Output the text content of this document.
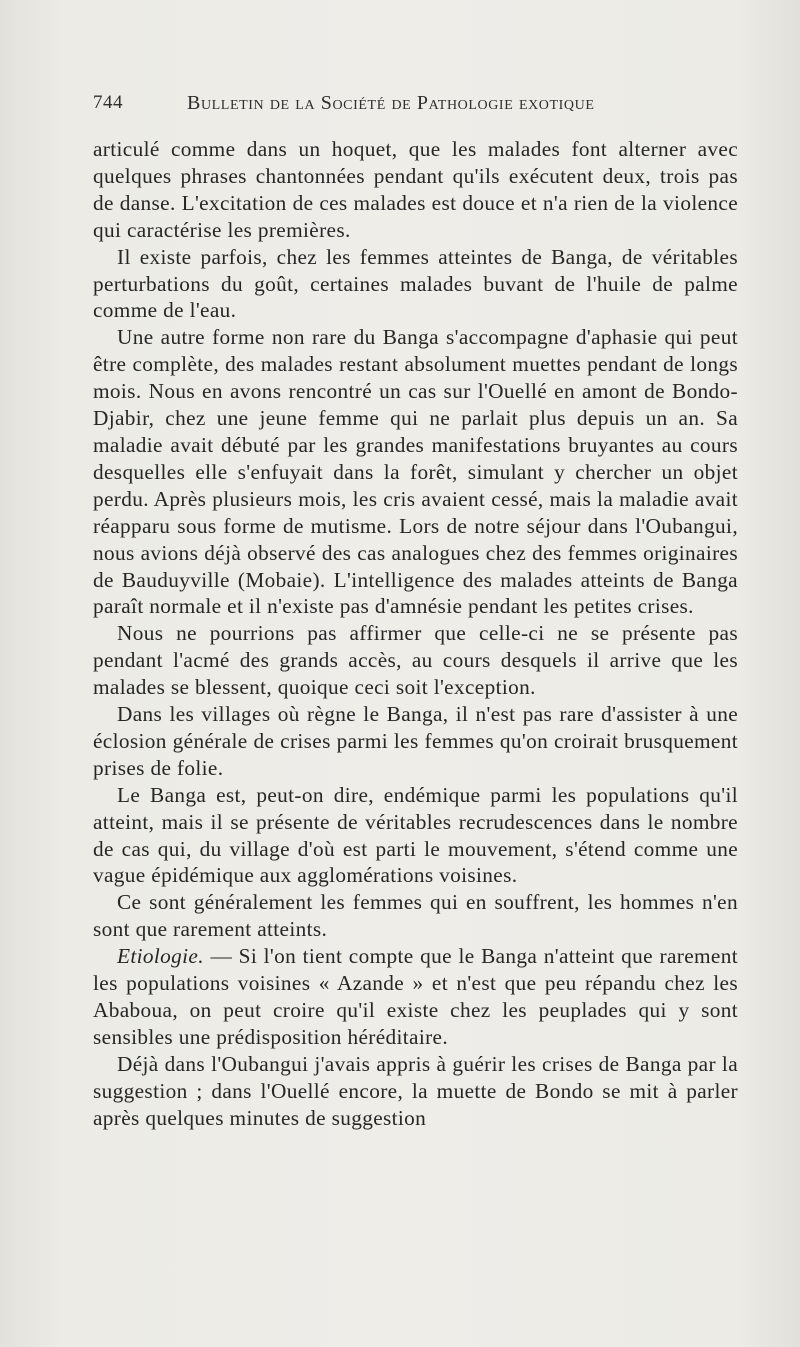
744	Bulletin de la Société de Pathologie exotique

articulé comme dans un hoquet, que les malades font alterner avec quelques phrases chantonnées pendant qu'ils exécutent deux, trois pas de danse. L'excitation de ces malades est douce et n'a rien de la violence qui caractérise les premières.

Il existe parfois, chez les femmes atteintes de Banga, de véritables perturbations du goût, certaines malades buvant de l'huile de palme comme de l'eau.

Une autre forme non rare du Banga s'accompagne d'aphasie qui peut être complète, des malades restant absolument muettes pendant de longs mois. Nous en avons rencontré un cas sur l'Ouellé en amont de Bondo-Djabir, chez une jeune femme qui ne parlait plus depuis un an. Sa maladie avait débuté par les grandes manifestations bruyantes au cours desquelles elle s'enfuyait dans la forêt, simulant y chercher un objet perdu. Après plusieurs mois, les cris avaient cessé, mais la maladie avait réapparu sous forme de mutisme. Lors de notre séjour dans l'Oubangui, nous avions déjà observé des cas analogues chez des femmes originaires de Bauduyville (Mobaie). L'intelligence des malades atteints de Banga paraît normale et il n'existe pas d'amnésie pendant les petites crises.

Nous ne pourrions pas affirmer que celle-ci ne se présente pas pendant l'acmé des grands accès, au cours desquels il arrive que les malades se blessent, quoique ceci soit l'exception.

Dans les villages où règne le Banga, il n'est pas rare d'assister à une éclosion générale de crises parmi les femmes qu'on croirait brusquement prises de folie.

Le Banga est, peut-on dire, endémique parmi les populations qu'il atteint, mais il se présente de véritables recrudescences dans le nombre de cas qui, du village d'où est parti le mouvement, s'étend comme une vague épidémique aux agglomérations voisines.

Ce sont généralement les femmes qui en souffrent, les hommes n'en sont que rarement atteints.

Etiologie. — Si l'on tient compte que le Banga n'atteint que rarement les populations voisines « Azande » et n'est que peu répandu chez les Ababoua, on peut croire qu'il existe chez les peuplades qui y sont sensibles une prédisposition héréditaire.

Déjà dans l'Oubangui j'avais appris à guérir les crises de Banga par la suggestion ; dans l'Ouellé encore, la muette de Bondo se mit à parler après quelques minutes de suggestion
